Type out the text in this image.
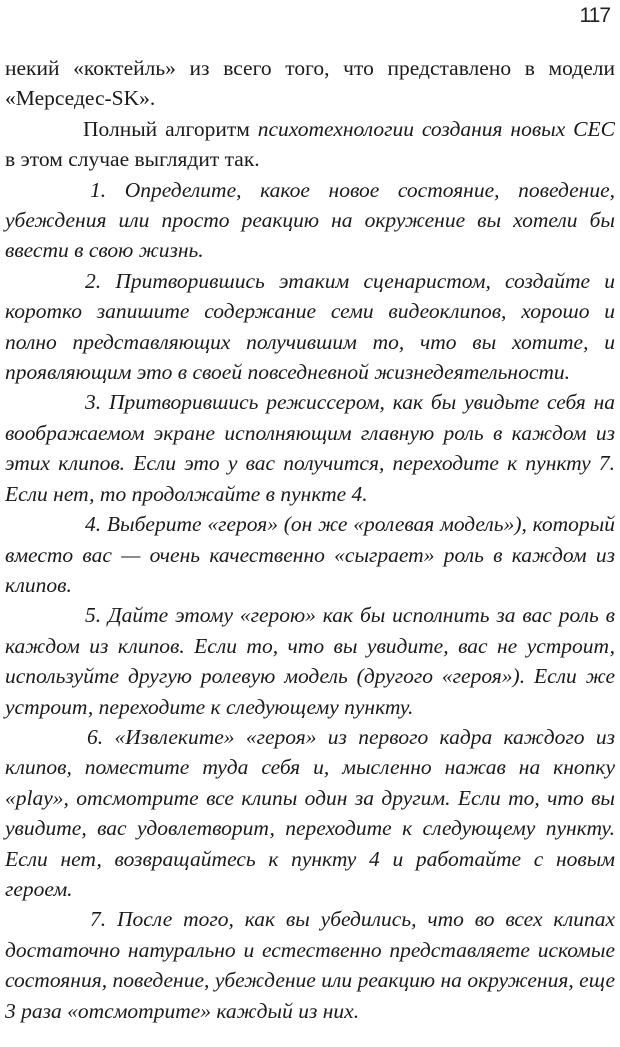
117

некий «коктейль» из всего того, что представлено в модели «Мерседес-SK».

Полный алгоритм психотехнологии создания новых СЕС в этом случае выглядит так.

1. Определите, какое новое состояние, поведение, убеждения или просто реакцию на окружение вы хотели бы ввести в свою жизнь.

2. Притворившись этаким сценаристом, создайте и коротко запишите содержание семи видеоклипов, хорошо и полно представляющих получившим то, что вы хотите, и проявляющим это в своей повседневной жизнедеятельности.

3. Притворившись режиссером, как бы увидьте себя на воображаемом экране исполняющим главную роль в каждом из этих клипов. Если это у вас получится, переходите к пункту 7. Если нет, то продолжайте в пункте 4.

4. Выберите «героя» (он же «ролевая модель»), который вместо вас — очень качественно «сыграет» роль в каждом из клипов.

5. Дайте этому «герою» как бы исполнить за вас роль в каждом из клипов. Если то, что вы увидите, вас не устроит, используйте другую ролевую модель (другого «героя»). Если же устроит, переходите к следующему пункту.

6. «Извлеките» «героя» из первого кадра каждого из клипов, поместите туда себя и, мысленно нажав на кнопку «play», отсмотрите все клипы один за другим. Если то, что вы увидите, вас удовлетворит, переходите к следующему пункту. Если нет, возвращайтесь к пункту 4 и работайте с новым героем.

7. После того, как вы убедились, что во всех клипах достаточно натурально и естественно представляете искомые состояния, поведение, убеждение или реакцию на окружения, еще 3 раза «отсмотрите» каждый из них.
